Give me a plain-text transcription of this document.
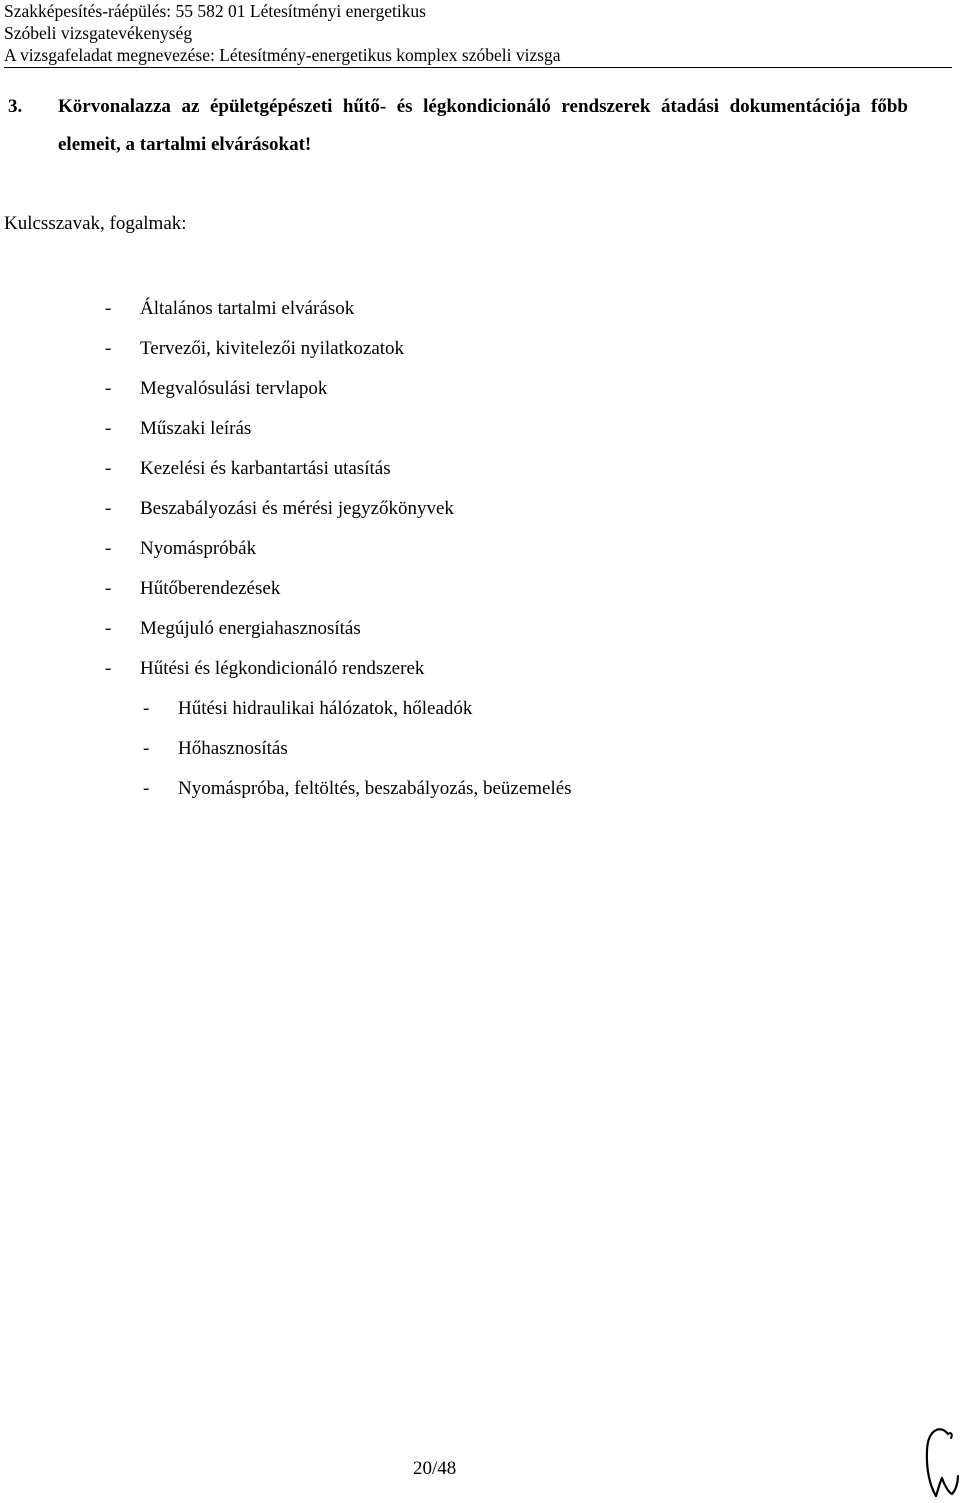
Szakképesítés-ráépülés: 55 582 01 Létesítményi energetikus
Szóbeli vizsgatevékenység
A vizsgafeladat megnevezése: Létesítmény-energetikus komplex szóbeli vizsga
3. Körvonalazza az épületgépészeti hűtő- és légkondicionáló rendszerek átadási dokumentációja főbb elemeit, a tartalmi elvárásokat!
Kulcsszavak, fogalmak:
- Általános tartalmi elvárások
- Tervezői, kivitelezői nyilatkozatok
- Megvalósulási tervlapok
- Műszaki leírás
- Kezelési és karbantartási utasítás
- Beszabályozási és mérési jegyzőkönyvek
- Nyomáspróbák
- Hűtőberendezések
- Megújuló energiahasznosítás
- Hűtési és légkondicionáló rendszerek
- Hűtési hidraulikai hálózatok, hőleadók
- Hőhasznosítás
- Nyomáspróba, feltöltés, beszabályozás, beüzemelés
20/48
